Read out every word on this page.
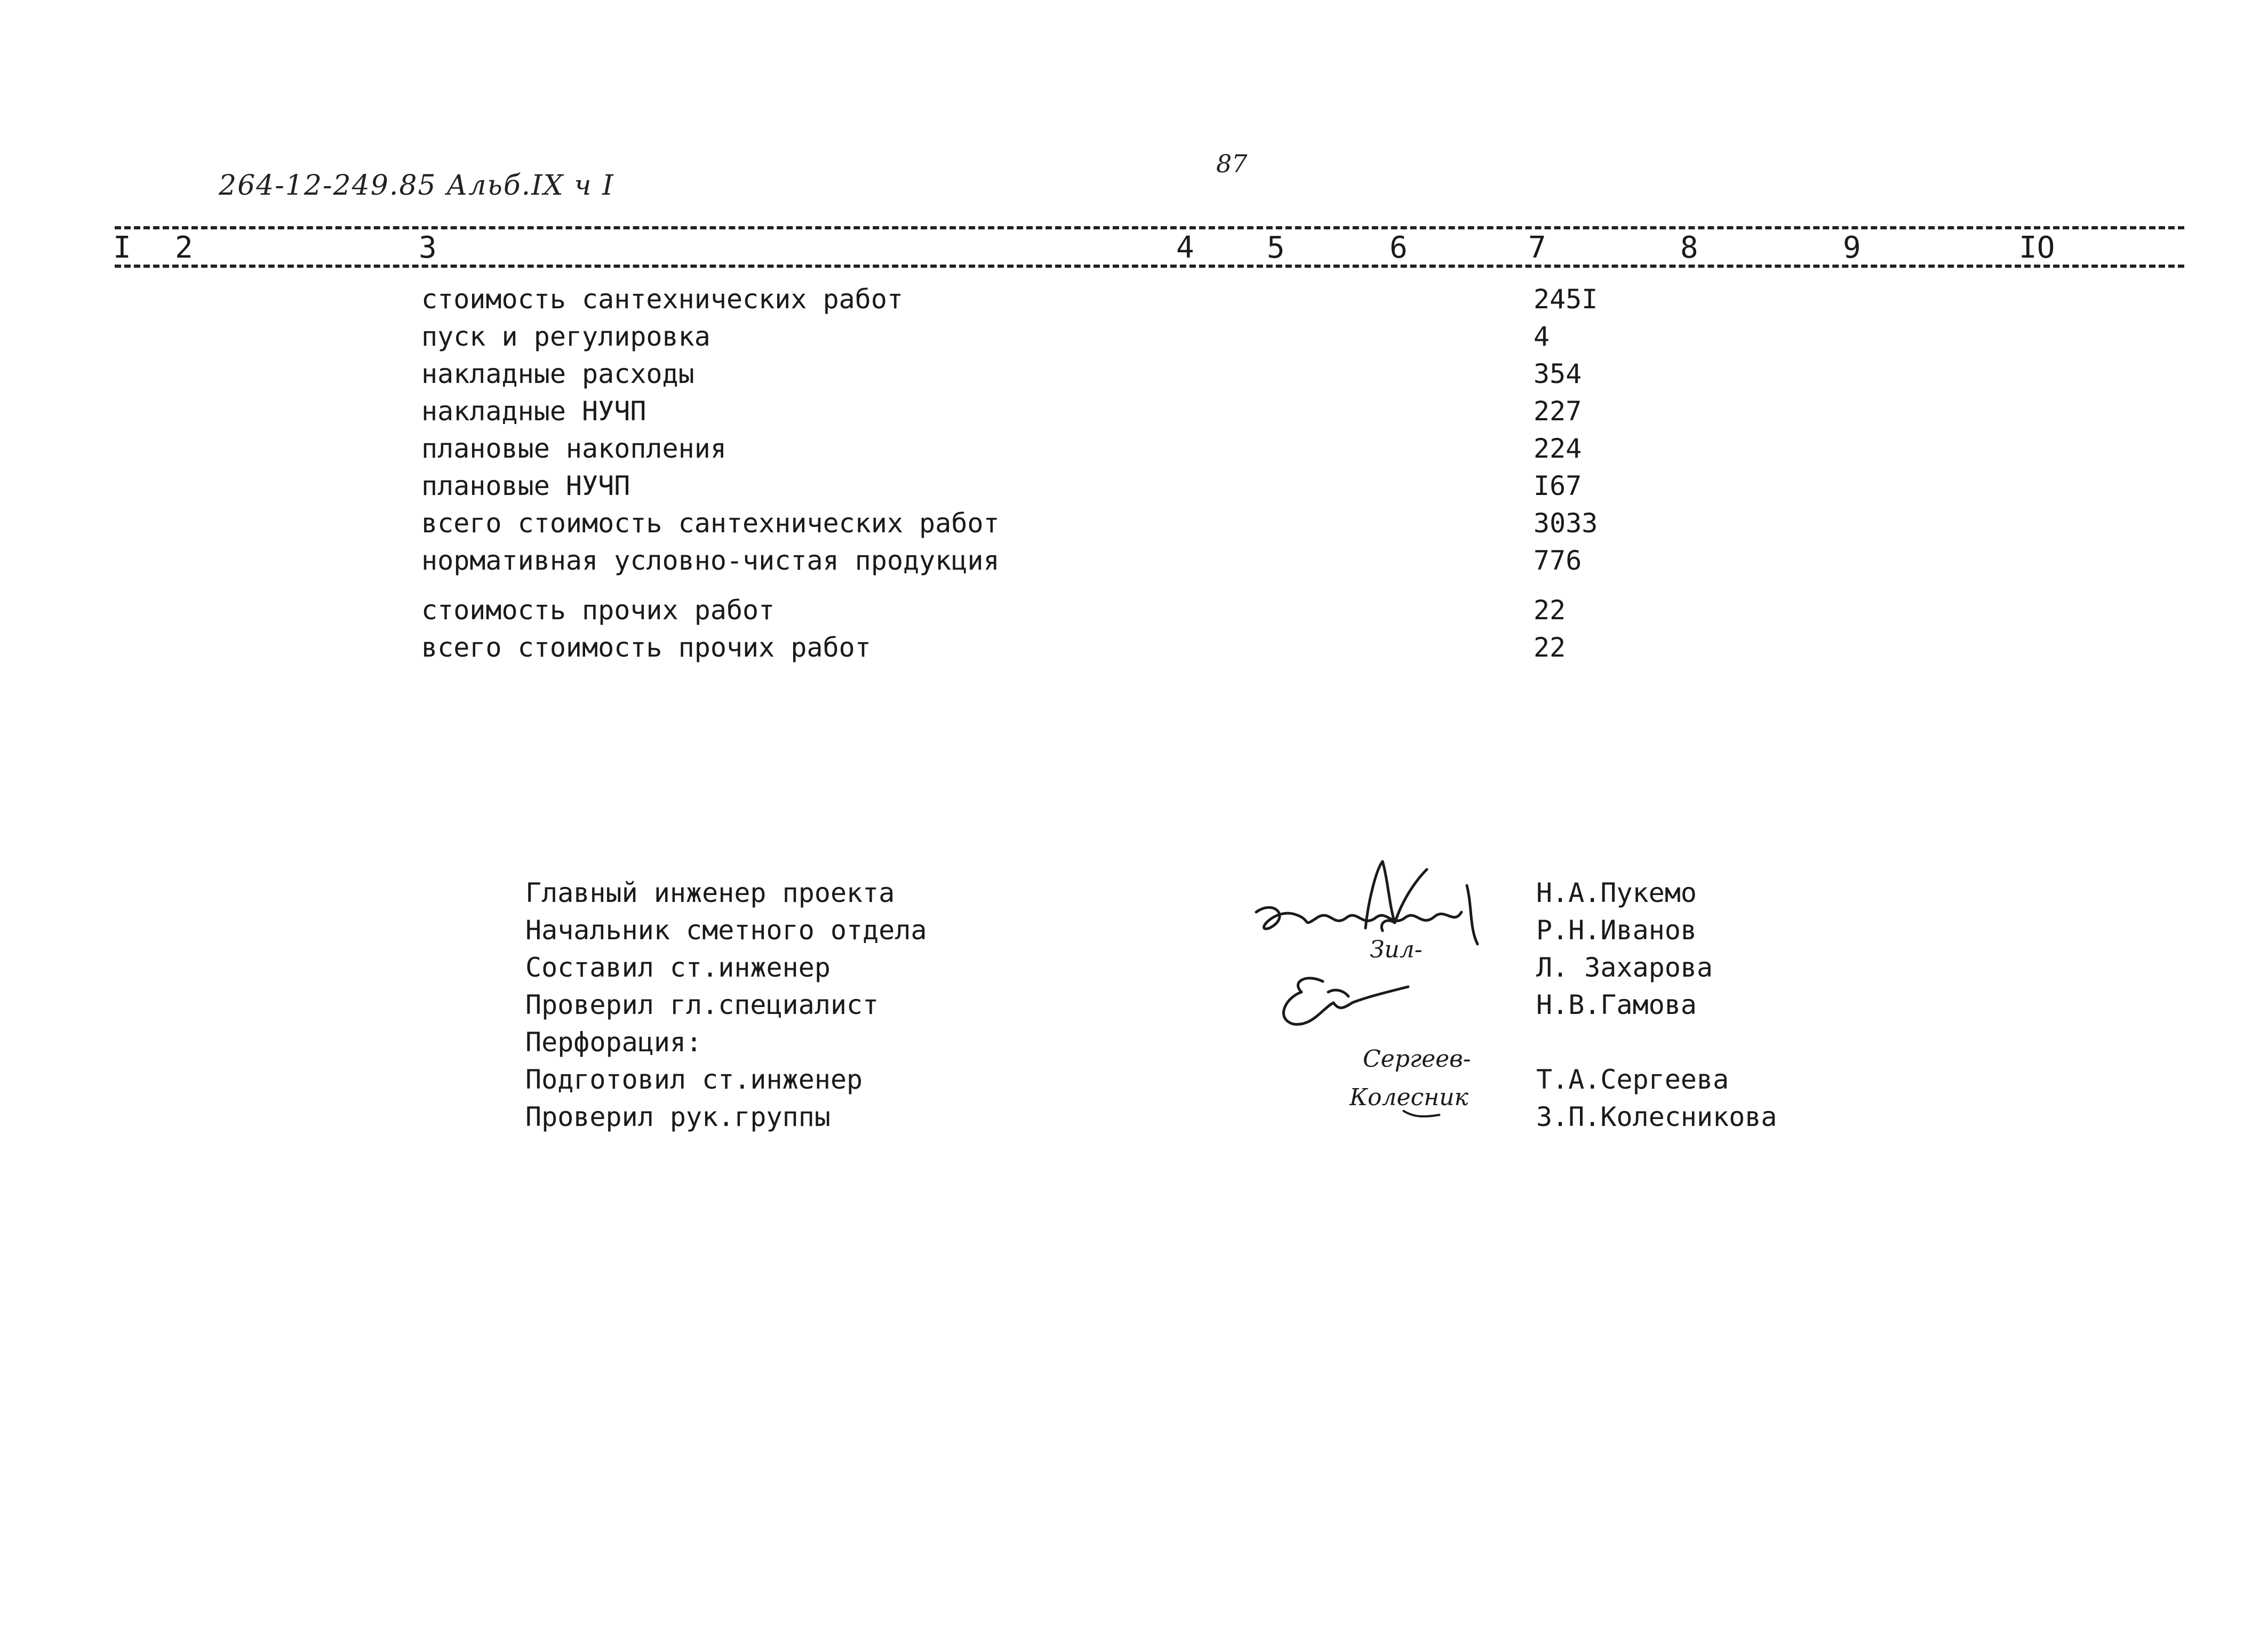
264-12-249.85 Альб.IX ч I
87
I 2	3	4 5	6	7	8	9	IO
стоимость сантехнических работ	245I
пуск и регулировка	4
накладные расходы	354
накладные НУЧП	227
плановые накопления	224
плановые НУЧП	I67
всего стоимость сантехнических работ	3033
нормативная условно-чистая продукция	776
стоимость прочих работ	22
всего стоимость прочих работ	22
Главный инженер проекта	Н.А.Пукемо
Начальник сметного отдела	Р.Н.Иванов
Составил ст.инженер	Л. Захарова
Проверил гл.специалист	Н.В.Гамова
Перфорация:
Подготовил ст.инженер	Т.А.Сергеева
Проверил рук.группы	З.П.Колесникова
Зил-
Сергеев-
Колесник
